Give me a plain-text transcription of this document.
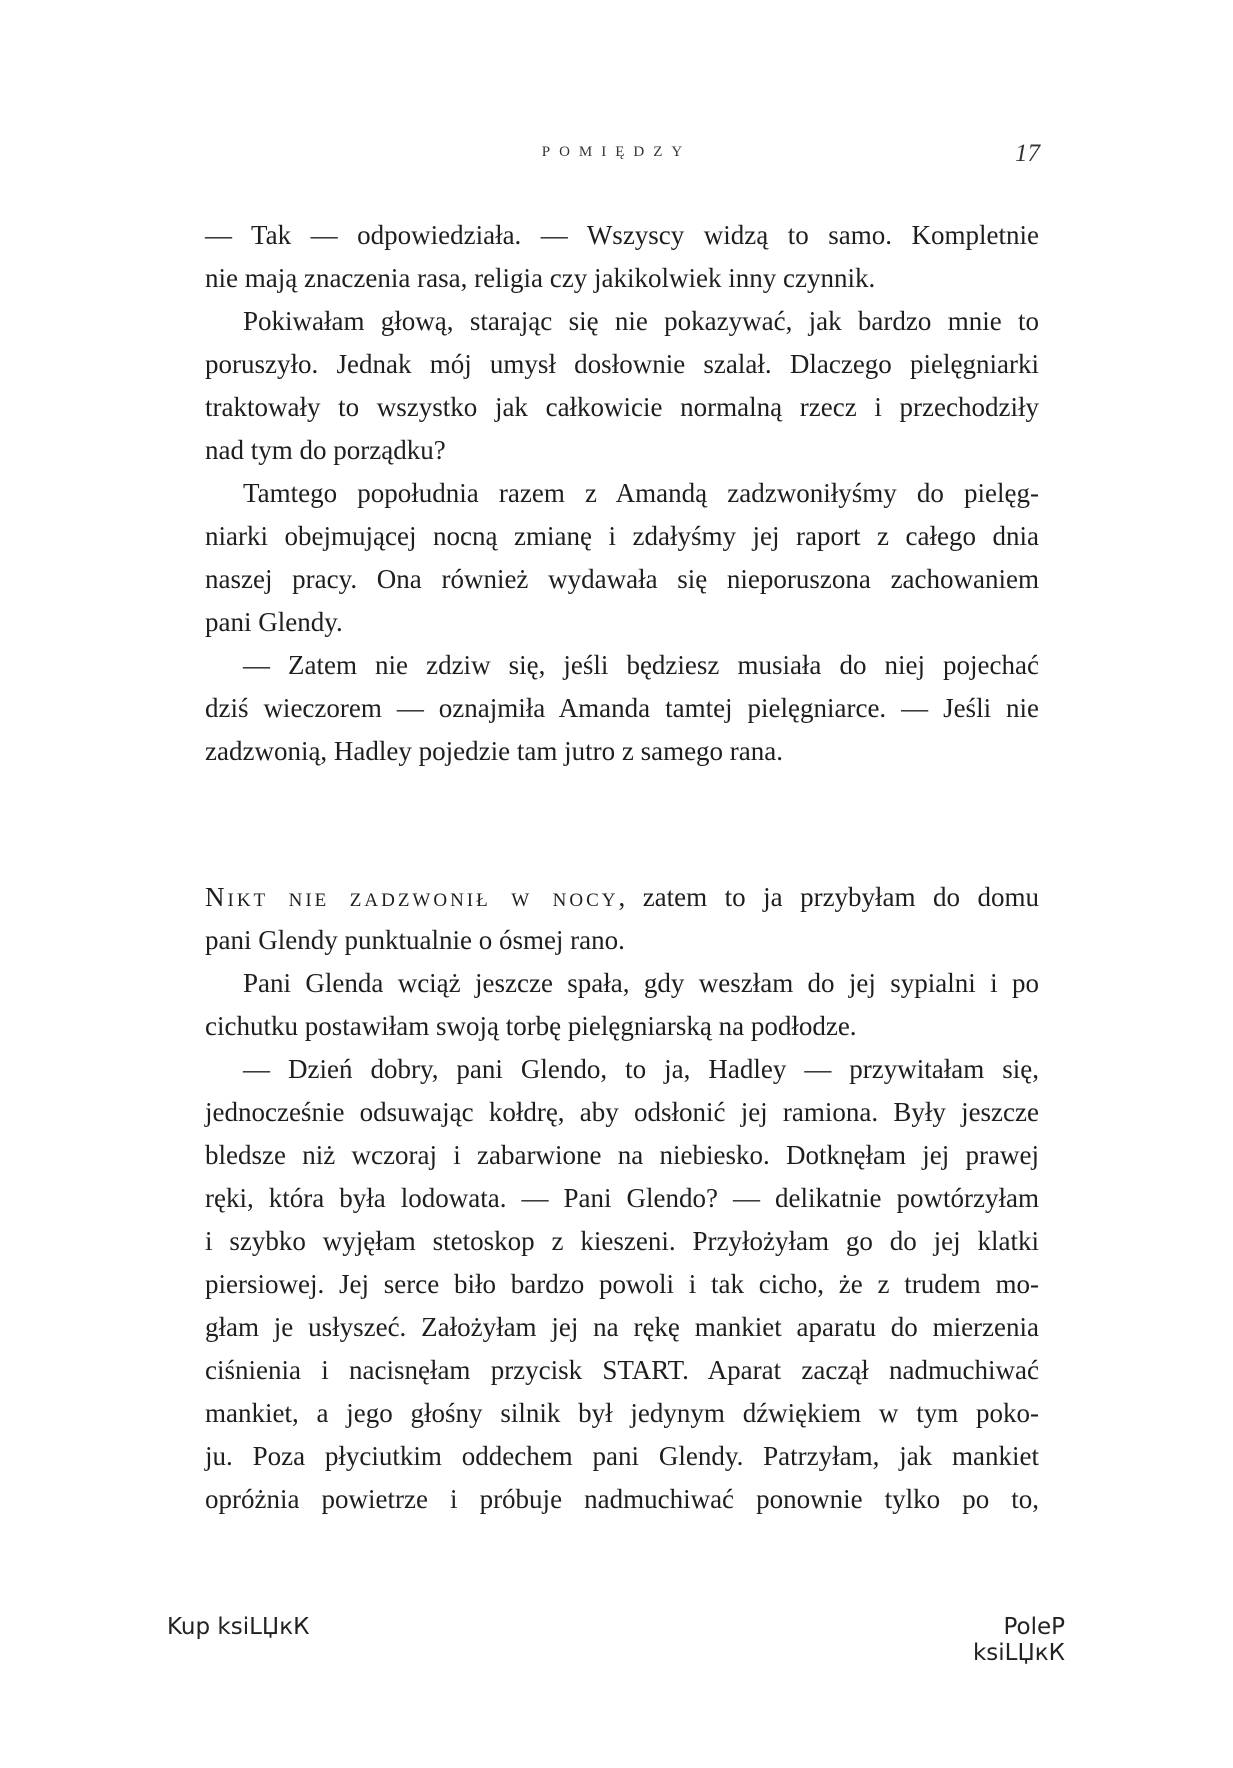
POMIĘDZY	17
— Tak — odpowiedziała. — Wszyscy widzą to samo. Kompletnie
nie mają znaczenia rasa, religia czy jakikolwiek inny czynnik.
Pokiwałam głową, starając się nie pokazywać, jak bardzo mnie to
poruszyło. Jednak mój umysł dosłownie szalał. Dlaczego pielęgniarki
traktowały to wszystko jak całkowicie normalną rzecz i przechodziły
nad tym do porządku?
Tamtego popołudnia razem z Amandą zadzwoniłyśmy do pielęg-
niarki obejmującej nocną zmianę i zdałyśmy jej raport z całego dnia
naszej pracy. Ona również wydawała się nieporuszona zachowaniem
pani Glendy.
— Zatem nie zdziw się, jeśli będziesz musiała do niej pojechać
dziś wieczorem — oznajmiła Amanda tamtej pielęgniarce. — Jeśli nie
zadzwonią, Hadley pojedzie tam jutro z samego rana.
Nikt nie zadzwonił w nocy, zatem to ja przybyłam do domu
pani Glendy punktualnie o ósmej rano.
Pani Glenda wciąż jeszcze spała, gdy weszłam do jej sypialni i po
cichutku postawiłam swoją torbę pielęgniarską na podłodze.
— Dzień dobry, pani Glendo, to ja, Hadley — przywitałam się,
jednocześnie odsuwając kołdrę, aby odsłonić jej ramiona. Były jeszcze
bledsze niż wczoraj i zabarwione na niebiesko. Dotknęłam jej prawej
ręki, która była lodowata. — Pani Glendo? — delikatnie powtórzyłam
i szybko wyjęłam stetoskop z kieszeni. Przyłożyłam go do jej klatki
piersiowej. Jej serce biło bardzo powoli i tak cicho, że z trudem mo-
głam je usłyszeć. Założyłam jej na rękę mankiet aparatu do mierzenia
ciśnienia i nacisnęłam przycisk START. Aparat zaczął nadmuchiwać
mankiet, a jego głośny silnik był jedynym dźwiękiem w tym poko-
ju. Poza płyciutkim oddechem pani Glendy. Patrzyłam, jak mankiet
opróżnia powietrze i próbuje nadmuchiwać ponownie tylko po to,
Kup ksiLЏкК	PoleP ksiLЏкК
